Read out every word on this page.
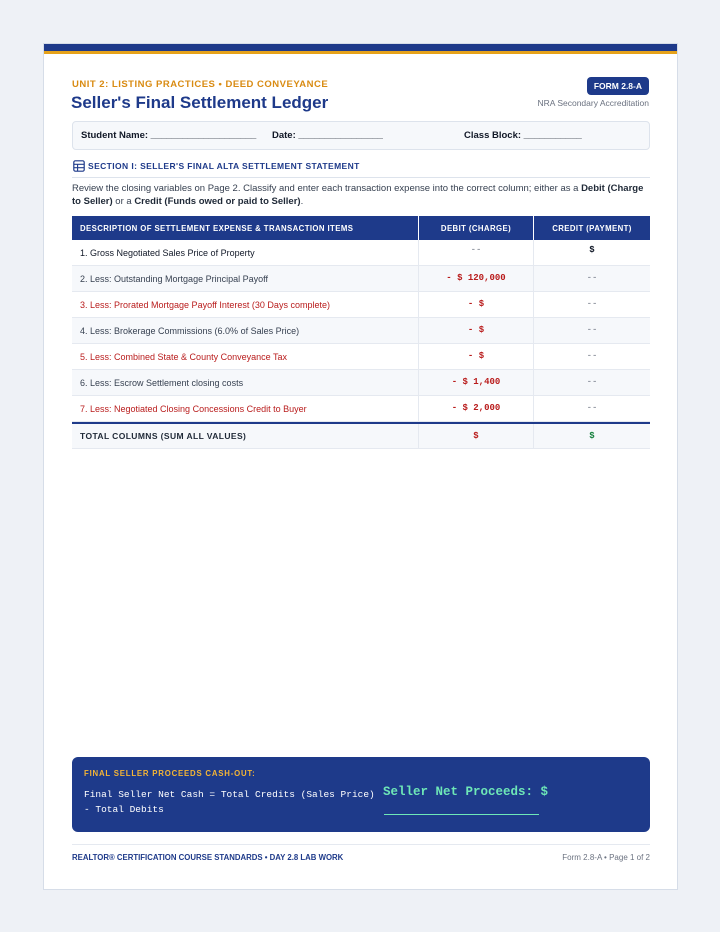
UNIT 2: LISTING PRACTICES • DEED CONVEYANCE
Seller's Final Settlement Ledger
FORM 2.8-A
NRA Secondary Accreditation
Student Name: ____________________ Date: ________________	Class Block: ___________
SECTION I: SELLER'S FINAL ALTA SETTLEMENT STATEMENT
Review the closing variables on Page 2. Classify and enter each transaction expense into the correct column; either as a Debit (Charge to Seller) or a Credit (Funds owed or paid to Seller).
DESCRIPTION OF SETTLEMENT EXPENSE & TRANSACTION ITEMS	DEBIT (CHARGE)	CREDIT (PAYMENT)
1. Gross Negotiated Sales Price of Property	--	$
2. Less: Outstanding Mortgage Principal Payoff	- $ 120,000	--
3. Less: Prorated Mortgage Payoff Interest (30 Days complete)	- $	--
4. Less: Brokerage Commissions (6.0% of Sales Price)	- $	--
5. Less: Combined State & County Conveyance Tax	- $	--
6. Less: Escrow Settlement closing costs	- $ 1,400	--
7. Less: Negotiated Closing Concessions Credit to Buyer	- $ 2,000	--
TOTAL COLUMNS (SUM ALL VALUES)	$	$
FINAL SELLER PROCEEDS CASH-OUT:
Final Seller Net Cash = Total Credits (Sales Price) - Total Debits
Seller Net Proceeds: $
REALTOR® CERTIFICATION COURSE STANDARDS • DAY 2.8 LAB WORK	Form 2.8-A • Page 1 of 2
